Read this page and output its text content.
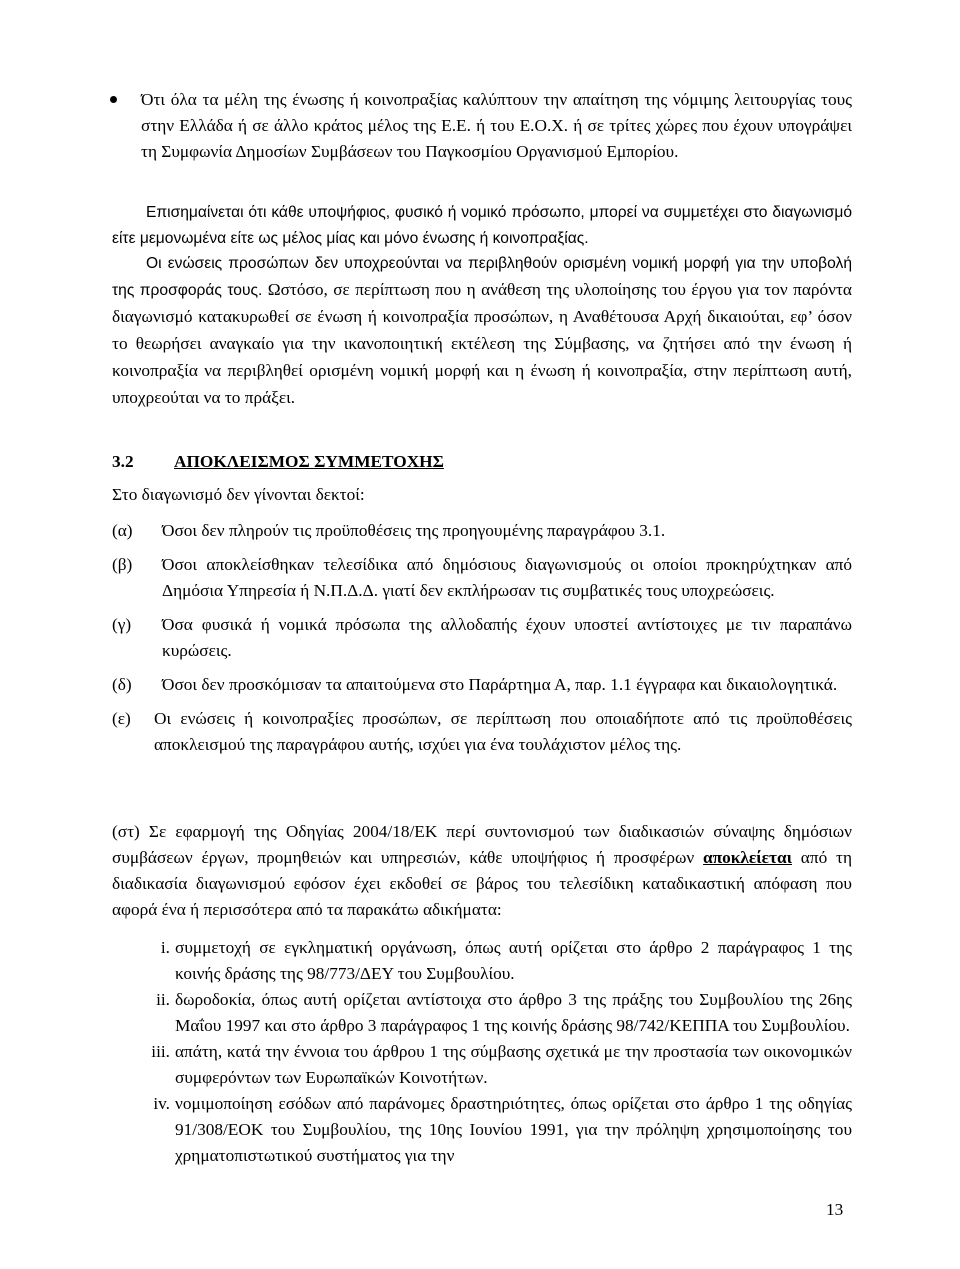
Ότι όλα τα μέλη της ένωσης ή κοινοπραξίας καλύπτουν την απαίτηση της νόμιμης λειτουργίας τους στην Ελλάδα ή σε άλλο κράτος μέλος της Ε.Ε. ή του Ε.Ο.Χ. ή σε τρίτες χώρες που έχουν υπογράψει τη Συμφωνία Δημοσίων Συμβάσεων του Παγκοσμίου Οργανισμού Εμπορίου.
Επισημαίνεται ότι κάθε υποψήφιος, φυσικό ή νομικό πρόσωπο, μπορεί να συμμετέχει στο διαγωνισμό είτε μεμονωμένα είτε ως μέλος μίας και μόνο ένωσης ή κοινοπραξίας.
Οι ενώσεις προσώπων δεν υποχρεούνται να περιβληθούν ορισμένη νομική μορφή για την υποβολή της προσφοράς τους. Ωστόσο, σε περίπτωση που η ανάθεση της υλοποίησης του έργου για τον παρόντα διαγωνισμό κατακυρωθεί σε ένωση ή κοινοπραξία προσώπων, η Αναθέτουσα Αρχή δικαιούται, εφ’ όσον το θεωρήσει αναγκαίο για την ικανοποιητική εκτέλεση της Σύμβασης, να ζητήσει από την ένωση ή κοινοπραξία να περιβληθεί ορισμένη νομική μορφή και η ένωση ή κοινοπραξία, στην περίπτωση αυτή, υποχρεούται να το πράξει.
3.2 ΑΠΟΚΛΕΙΣΜΟΣ ΣΥΜΜΕΤΟΧΗΣ
Στο διαγωνισμό δεν γίνονται δεκτοί:
(α) Όσοι δεν πληρούν τις προϋποθέσεις της προηγουμένης παραγράφου 3.1.
(β) Όσοι αποκλείσθηκαν τελεσίδικα από δημόσιους διαγωνισμούς οι οποίοι προκηρύχτηκαν από Δημόσια Υπηρεσία ή Ν.Π.Δ.Δ. γιατί δεν εκπλήρωσαν τις συμβατικές τους υποχρεώσεις.
(γ) Όσα φυσικά ή νομικά πρόσωπα της αλλοδαπής έχουν υποστεί αντίστοιχες με τιν παραπάνω κυρώσεις.
(δ) Όσοι δεν προσκόμισαν τα απαιτούμενα στο Παράρτημα Α, παρ. 1.1 έγγραφα και δικαιολογητικά.
(ε) Οι ενώσεις ή κοινοπραξίες προσώπων, σε περίπτωση που οποιαδήποτε από τις προϋποθέσεις αποκλεισμού της παραγράφου αυτής, ισχύει για ένα τουλάχιστον μέλος της.
(στ) Σε εφαρμογή της Οδηγίας 2004/18/ΕΚ περί συντονισμού των διαδικασιών σύναψης δημόσιων συμβάσεων έργων, προμηθειών και υπηρεσιών, κάθε υποψήφιος ή προσφέρων αποκλείεται από τη διαδικασία διαγωνισμού εφόσον έχει εκδοθεί σε βάρος του τελεσίδικη καταδικαστική απόφαση που αφορά ένα ή περισσότερα από τα παρακάτω αδικήματα:
i. συμμετοχή σε εγκληματική οργάνωση, όπως αυτή ορίζεται στο άρθρο 2 παράγραφος 1 της κοινής δράσης της 98/773/ΔΕΥ του Συμβουλίου.
ii. δωροδοκία, όπως αυτή ορίζεται αντίστοιχα στο άρθρο 3 της πράξης του Συμβουλίου της 26ης Μαΐου 1997 και στο άρθρο 3 παράγραφος 1 της κοινής δράσης 98/742/ΚΕΠΠΑ του Συμβουλίου.
iii. απάτη, κατά την έννοια του άρθρου 1 της σύμβασης σχετικά με την προστασία των οικονομικών συμφερόντων των Ευρωπαϊκών Κοινοτήτων.
iv. νομιμοποίηση εσόδων από παράνομες δραστηριότητες, όπως ορίζεται στο άρθρο 1 της οδηγίας 91/308/ΕΟΚ του Συμβουλίου, της 10ης Ιουνίου 1991, για την πρόληψη χρησιμοποίησης του χρηματοπιστωτικού συστήματος για την
13
